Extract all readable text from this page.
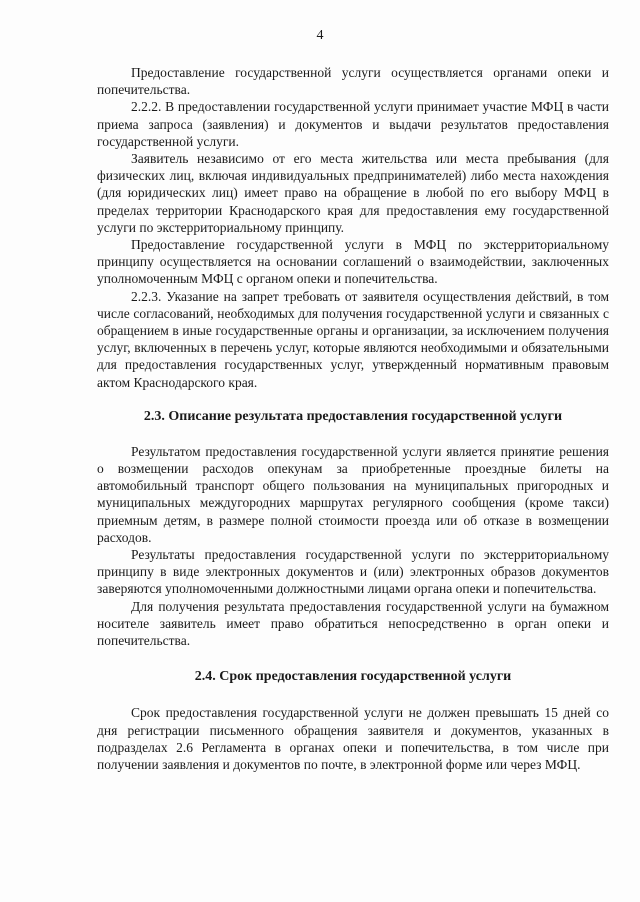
4

Предоставление государственной услуги осуществляется органами опеки и попечительства.

2.2.2. В предоставлении государственной услуги принимает участие МФЦ в части приема запроса (заявления) и документов и выдачи результатов предоставления государственной услуги.

Заявитель независимо от его места жительства или места пребывания (для физических лиц, включая индивидуальных предпринимателей) либо места нахождения (для юридических лиц) имеет право на обращение в любой по его выбору МФЦ в пределах территории Краснодарского края для предоставления ему государственной услуги по экстерриториальному принципу.

Предоставление государственной услуги в МФЦ по экстерриториальному принципу осуществляется на основании соглашений о взаимодействии, заключенных уполномоченным МФЦ с органом опеки и попечительства.

2.2.3. Указание на запрет требовать от заявителя осуществления действий, в том числе согласований, необходимых для получения государственной услуги и связанных с обращением в иные государственные органы и организации, за исключением получения услуг, включенных в перечень услуг, которые являются необходимыми и обязательными для предоставления государственных услуг, утвержденный нормативным правовым актом Краснодарского края.

2.3. Описание результата предоставления государственной услуги

Результатом предоставления государственной услуги является принятие решения о возмещении расходов опекунам за приобретенные проездные билеты на автомобильный транспорт общего пользования на муниципальных пригородных и муниципальных междугородних маршрутах регулярного сообщения (кроме такси) приемным детям, в размере полной стоимости проезда или об отказе в возмещении расходов.

Результаты предоставления государственной услуги по экстерриториальному принципу в виде электронных документов и (или) электронных образов документов заверяются уполномоченными должностными лицами органа опеки и попечительства.

Для получения результата предоставления государственной услуги на бумажном носителе заявитель имеет право обратиться непосредственно в орган опеки и попечительства.

2.4. Срок предоставления государственной услуги

Срок предоставления государственной услуги не должен превышать 15 дней со дня регистрации письменного обращения заявителя и документов, указанных в подразделах 2.6 Регламента в органах опеки и попечительства, в том числе при получении заявления и документов по почте, в электронной форме или через МФЦ.
